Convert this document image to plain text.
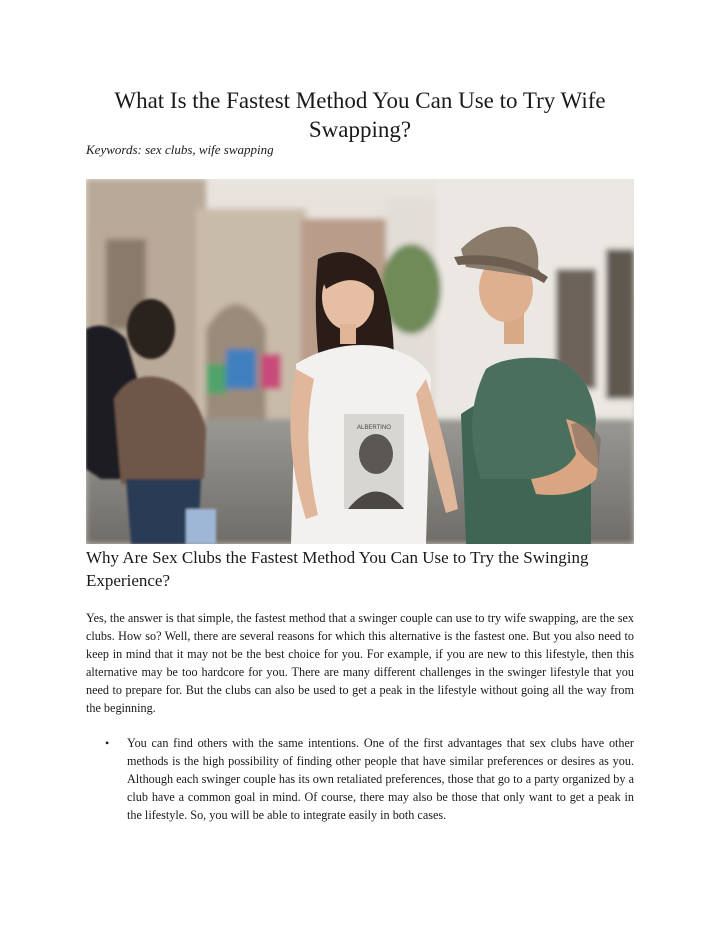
What Is the Fastest Method You Can Use to Try Wife Swapping?
Keywords: sex clubs, wife swapping
ALBERTINO
Why Are Sex Clubs the Fastest Method You Can Use to Try the Swinging Experience?

Yes, the answer is that simple, the fastest method that a swinger couple can use to try wife swapping, are the sex clubs. How so? Well, there are several reasons for which this alternative is the fastest one. But you also need to keep in mind that it may not be the best choice for you. For example, if you are new to this lifestyle, then this alternative may be too hardcore for you. There are many different challenges in the swinger lifestyle that you need to prepare for. But the clubs can also be used to get a peak in the lifestyle without going all the way from the beginning.

• You can find others with the same intentions. One of the first advantages that sex clubs have other methods is the high possibility of finding other people that have similar preferences or desires as you. Although each swinger couple has its own retaliated preferences, those that go to a party organized by a club have a common goal in mind. Of course, there may also be those that only want to get a peak in the lifestyle. So, you will be able to integrate easily in both cases.
